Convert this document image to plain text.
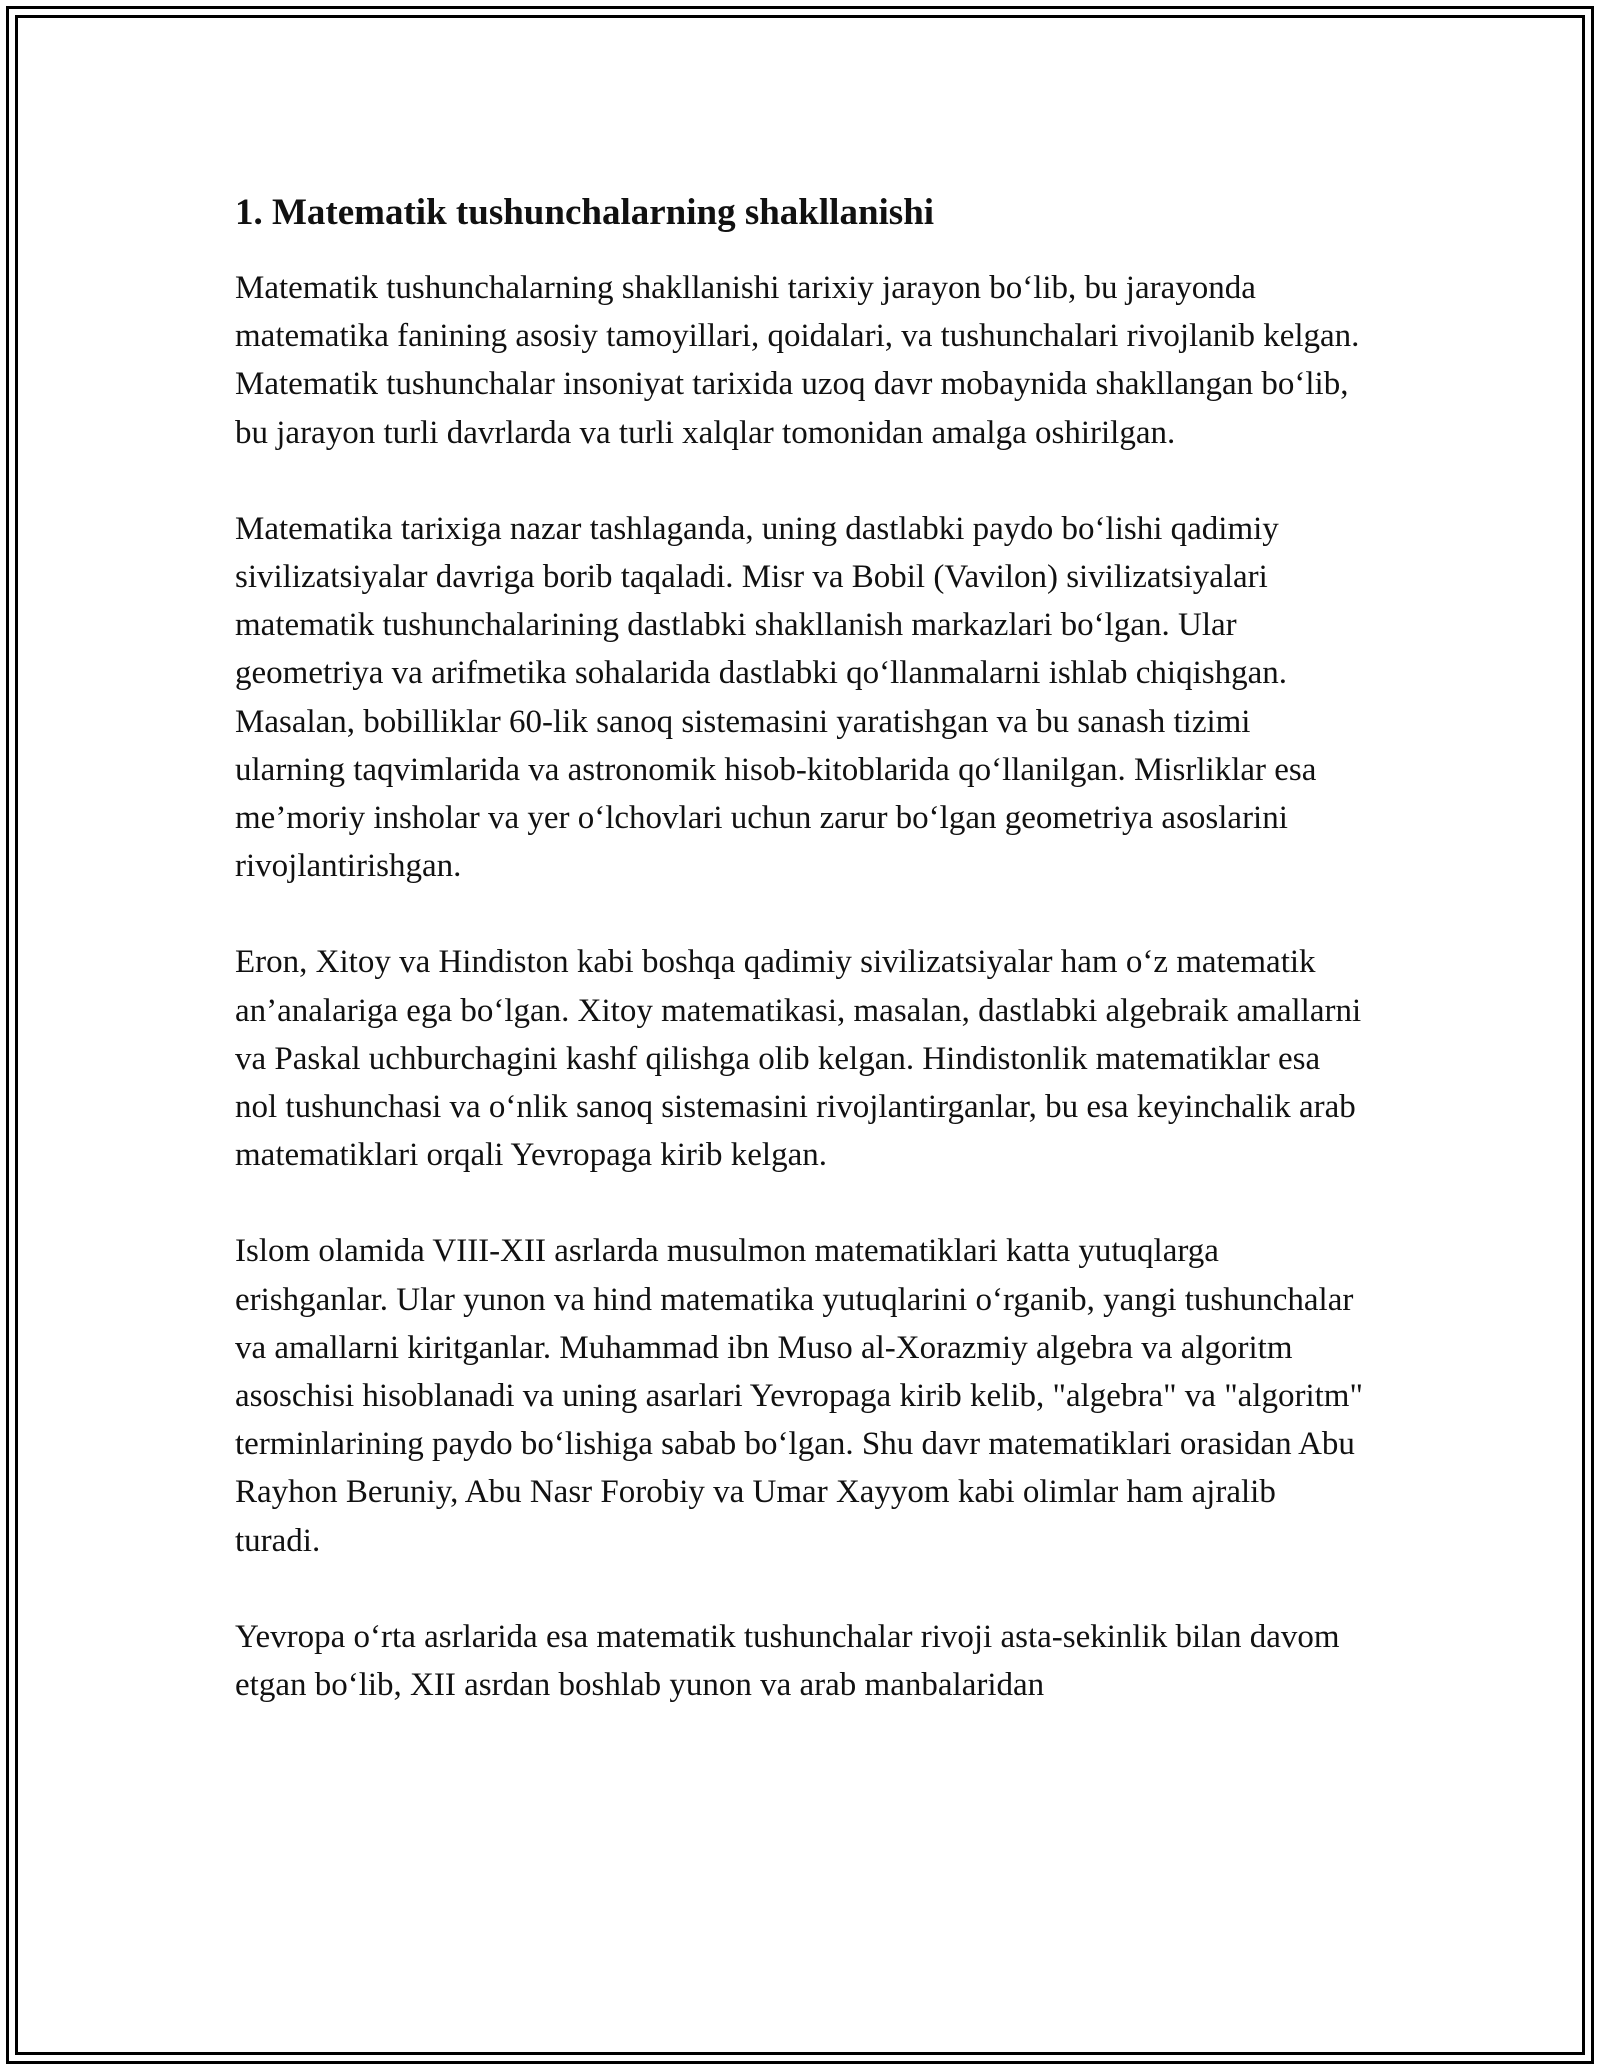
1. Matematik tushunchalarning shakllanishi

Matematik tushunchalarning shakllanishi tarixiy jarayon bo‘lib, bu jarayonda matematika fanining asosiy tamoyillari, qoidalari, va tushunchalari rivojlanib kelgan. Matematik tushunchalar insoniyat tarixida uzoq davr mobaynida shakllangan bo‘lib, bu jarayon turli davrlarda va turli xalqlar tomonidan amalga oshirilgan.

Matematika tarixiga nazar tashlaganda, uning dastlabki paydo bo‘lishi qadimiy sivilizatsiyalar davriga borib taqaladi. Misr va Bobil (Vavilon) sivilizatsiyalari matematik tushunchalarining dastlabki shakllanish markazlari bo‘lgan. Ular geometriya va arifmetika sohalarida dastlabki qo‘llanmalarni ishlab chiqishgan. Masalan, bobilliklar 60-lik sanoq sistemasini yaratishgan va bu sanash tizimi ularning taqvimlarida va astronomik hisob-kitoblarida qo‘llanilgan. Misrliklar esa me’moriy insholar va yer o‘lchovlari uchun zarur bo‘lgan geometriya asoslarini rivojlantirishgan.

Eron, Xitoy va Hindiston kabi boshqa qadimiy sivilizatsiyalar ham o‘z matematik an’analariga ega bo‘lgan. Xitoy matematikasi, masalan, dastlabki algebraik amallarni va Paskal uchburchagini kashf qilishga olib kelgan. Hindistonlik matematiklar esa nol tushunchasi va o‘nlik sanoq sistemasini rivojlantirganlar, bu esa keyinchalik arab matematiklari orqali Yevropaga kirib kelgan.

Islom olamida VIII-XII asrlarda musulmon matematiklari katta yutuqlarga erishganlar. Ular yunon va hind matematika yutuqlarini o‘rganib, yangi tushunchalar va amallarni kiritganlar. Muhammad ibn Muso al-Xorazmiy algebra va algoritm asoschisi hisoblanadi va uning asarlari Yevropaga kirib kelib, "algebra" va "algoritm" terminlarining paydo bo‘lishiga sabab bo‘lgan. Shu davr matematiklari orasidan Abu Rayhon Beruniy, Abu Nasr Forobiy va Umar Xayyom kabi olimlar ham ajralib turadi.

Yevropa o‘rta asrlarida esa matematik tushunchalar rivoji asta-sekinlik bilan davom etgan bo‘lib, XII asrdan boshlab yunon va arab manbalaridan
